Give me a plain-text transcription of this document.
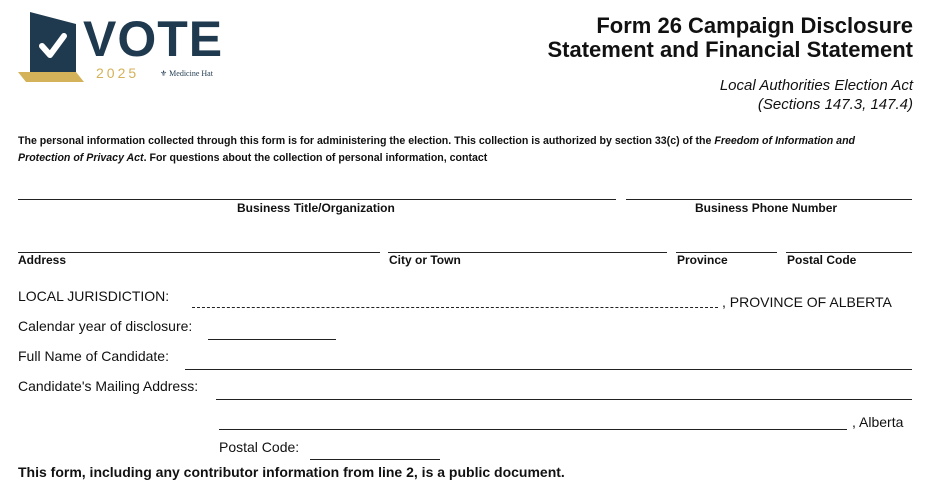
VOTE
2025	⚜ Medicine Hat
Form 26 Campaign Disclosure
Statement and Financial Statement
Local Authorities Election Act
(Sections 147.3, 147.4)
The personal information collected through this form is for administering the election. This collection is authorized by section 33(c) of the Freedom of Information and Protection of Privacy Act. For questions about the collection of personal information, contact
Business Title/Organization	Business Phone Number
Address	City or Town	Province	Postal Code
LOCAL JURISDICTION:	, PROVINCE OF ALBERTA
Calendar year of disclosure:
Full Name of Candidate:
Candidate's Mailing Address:
, Alberta
Postal Code:
This form, including any contributor information from line 2, is a public document.
